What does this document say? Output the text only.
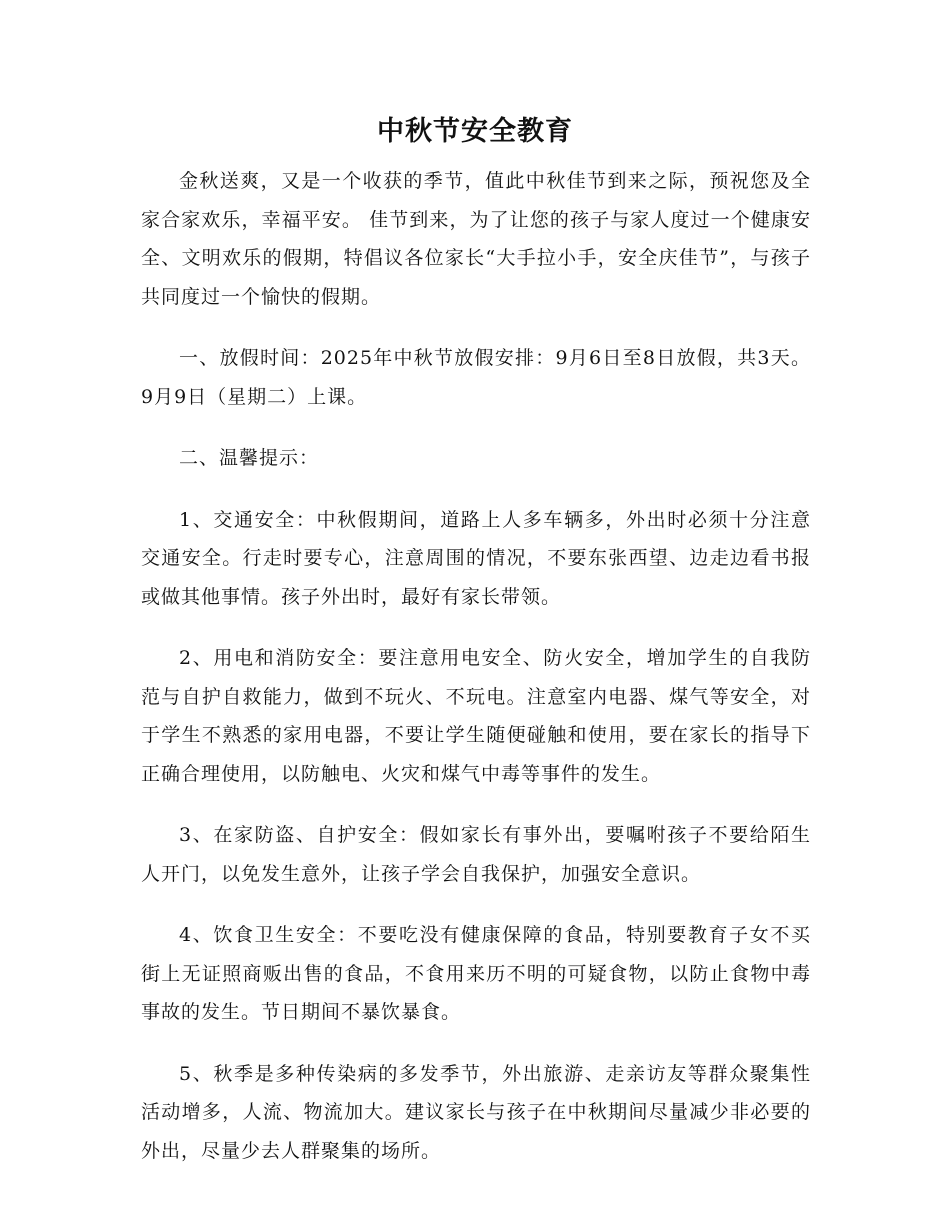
中秋节安全教育

金秋送爽，又是一个收获的季节，值此中秋佳节到来之际，预祝您及全家合家欢乐，幸福平安。 佳节到来，为了让您的孩子与家人度过一个健康安全、文明欢乐的假期，特倡议各位家长“大手拉小手，安全庆佳节”，与孩子共同度过一个愉快的假期。

一、放假时间：2025年中秋节放假安排：9月6日至8日放假，共3天。9月9日（星期二）上课。

二、温馨提示：

1、交通安全：中秋假期间，道路上人多车辆多，外出时必须十分注意交通安全。行走时要专心，注意周围的情况，不要东张西望、边走边看书报或做其他事情。孩子外出时，最好有家长带领。

2、用电和消防安全：要注意用电安全、防火安全，增加学生的自我防范与自护自救能力，做到不玩火、不玩电。注意室内电器、煤气等安全，对于学生不熟悉的家用电器，不要让学生随便碰触和使用，要在家长的指导下正确合理使用，以防触电、火灾和煤气中毒等事件的发生。

3、在家防盗、自护安全：假如家长有事外出，要嘱咐孩子不要给陌生人开门，以免发生意外，让孩子学会自我保护，加强安全意识。

4、饮食卫生安全：不要吃没有健康保障的食品，特别要教育子女不买街上无证照商贩出售的食品，不食用来历不明的可疑食物，以防止食物中毒事故的发生。节日期间不暴饮暴食。

5、秋季是多种传染病的多发季节，外出旅游、走亲访友等群众聚集性活动增多，人流、物流加大。建议家长与孩子在中秋期间尽量减少非必要的外出，尽量少去人群聚集的场所。
